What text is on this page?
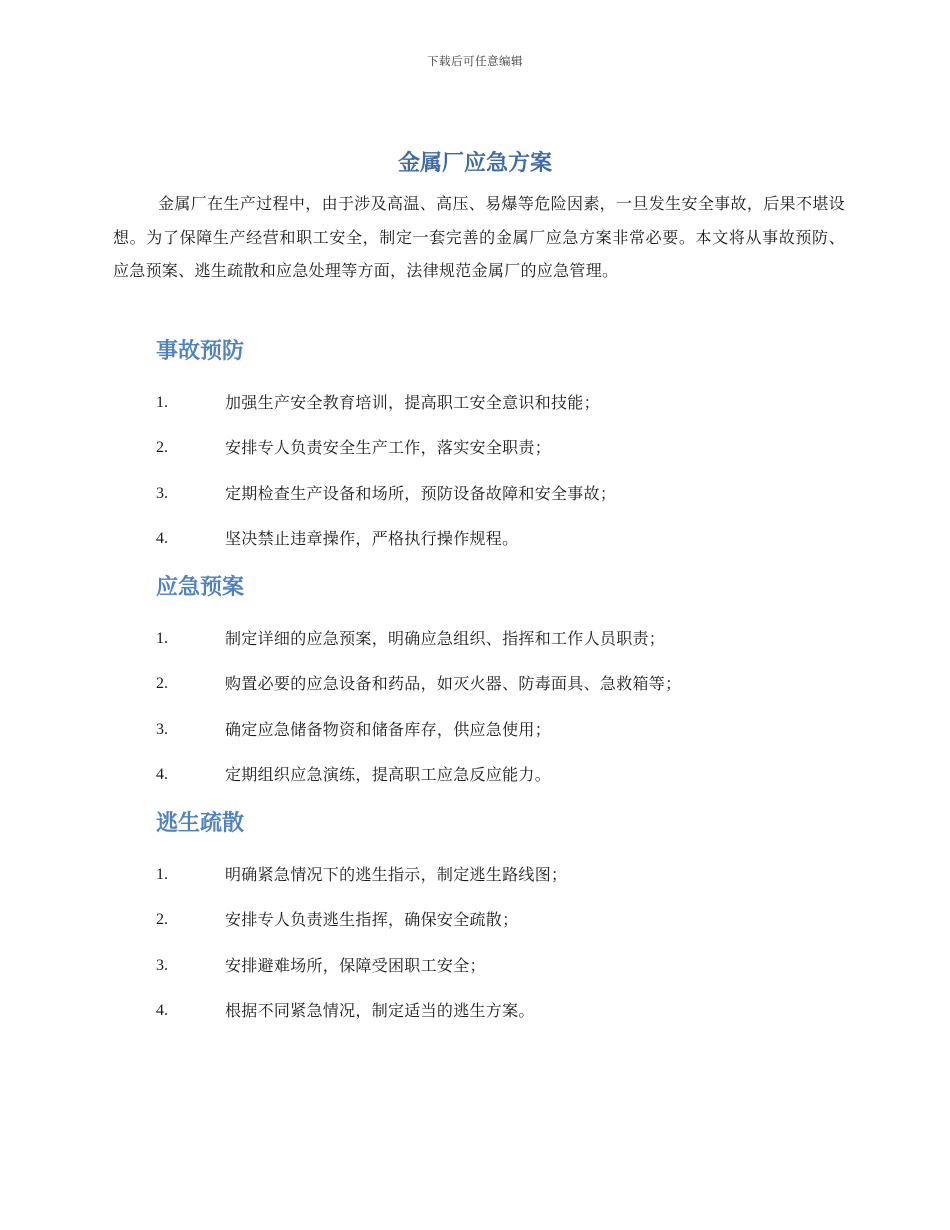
下载后可任意编辑
金属厂应急方案

金属厂在生产过程中，由于涉及高温、高压、易爆等危险因素，一旦发生安全事故，后果不堪设想。为了保障生产经营和职工安全，制定一套完善的金属厂应急方案非常必要。本文将从事故预防、应急预案、逃生疏散和应急处理等方面，法律规范金属厂的应急管理。

事故预防
1.	加强生产安全教育培训，提高职工安全意识和技能；
2.	安排专人负责安全生产工作，落实安全职责；
3.	定期检查生产设备和场所，预防设备故障和安全事故；
4.	坚决禁止违章操作，严格执行操作规程。
应急预案
1.	制定详细的应急预案，明确应急组织、指挥和工作人员职责；
2.	购置必要的应急设备和药品，如灭火器、防毒面具、急救箱等；
3.	确定应急储备物资和储备库存，供应急使用；
4.	定期组织应急演练，提高职工应急反应能力。
逃生疏散
1.	明确紧急情况下的逃生指示，制定逃生路线图；
2.	安排专人负责逃生指挥，确保安全疏散；
3.	安排避难场所，保障受困职工安全；
4.	根据不同紧急情况，制定适当的逃生方案。
